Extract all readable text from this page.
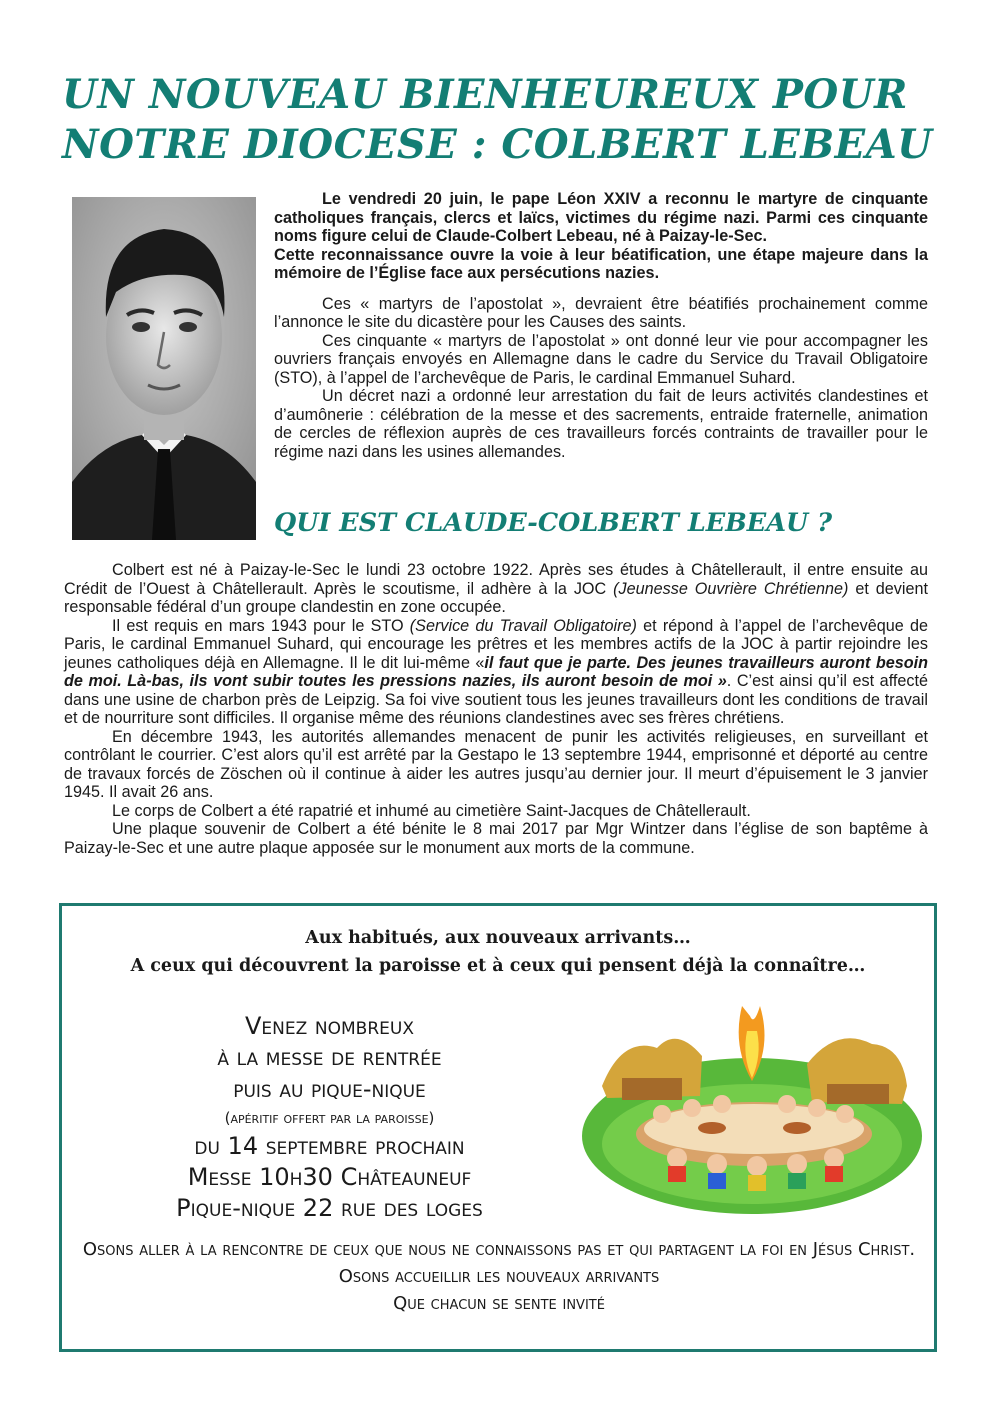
UN NOUVEAU BIENHEUREUX POUR
NOTRE DIOCESE : COLBERT LEBEAU

Le vendredi 20 juin, le pape Léon XXIV a reconnu le martyre de cinquante catholiques français, clercs et laïcs, victimes du régime nazi. Parmi ces cinquante noms figure celui de Claude-Colbert Lebeau, né à Paizay-le-Sec.
Cette reconnaissance ouvre la voie à leur béatification, une étape majeure dans la mémoire de l’Église face aux persécutions nazies.

Ces « martyrs de l’apostolat », devraient être béatifiés prochainement comme l’annonce le site du dicastère pour les Causes des saints.

Ces cinquante « martyrs de l’apostolat » ont donné leur vie pour accompagner les ouvriers français envoyés en Allemagne dans le cadre du Service du Travail Obligatoire (STO), à l’appel de l’archevêque de Paris, le cardinal Emmanuel Suhard.

Un décret nazi a ordonné leur arrestation du fait de leurs activités clandestines et d’aumônerie : célébration de la messe et des sacrements, entraide fraternelle, animation de cercles de réflexion auprès de ces travailleurs forcés contraints de travailler pour le régime nazi dans les usines allemandes.

QUI EST CLAUDE-COLBERT LEBEAU ?

Colbert est né à Paizay-le-Sec le lundi 23 octobre 1922. Après ses études à Châtellerault, il entre ensuite au Crédit de l’Ouest à Châtellerault. Après le scoutisme, il adhère à la JOC (Jeunesse Ouvrière Chrétienne) et devient responsable fédéral d’un groupe clandestin en zone occupée.

Il est requis en mars 1943 pour le STO (Service du Travail Obligatoire) et répond à l’appel de l’archevêque de Paris, le cardinal Emmanuel Suhard, qui encourage les prêtres et les membres actifs de la JOC à partir rejoindre les jeunes catholiques déjà en Allemagne. Il le dit lui-même «il faut que je parte. Des jeunes travailleurs auront besoin de moi. Là-bas, ils vont subir toutes les pressions nazies, ils auront besoin de moi ». C’est ainsi qu’il est affecté dans une usine de charbon près de Leipzig. Sa foi vive soutient tous les jeunes travailleurs dont les conditions de travail et de nourriture sont difficiles. Il organise même des réunions clandestines avec ses frères chrétiens.

En décembre 1943, les autorités allemandes menacent de punir les activités religieuses, en surveillant et contrôlant le courrier. C’est alors qu’il est arrêté par la Gestapo le 13 septembre 1944, emprisonné et déporté au centre de travaux forcés de Zöschen où il continue à aider les autres jusqu’au dernier jour. Il meurt d’épuisement le 3 janvier 1945. Il avait 26 ans.

Le corps de Colbert a été rapatrié et inhumé au cimetière Saint-Jacques de Châtellerault.

Une plaque souvenir de Colbert a été bénite le 8 mai 2017 par Mgr Wintzer dans l’église de son baptême à Paizay-le-Sec et une autre plaque apposée sur le monument aux morts de la commune.

Aux habitués, aux nouveaux arrivants…
A ceux qui découvrent la paroisse et à ceux qui pensent déjà la connaître…
Venez nombreux
à la messe de rentrée
puis au pique-nique
(apéritif offert par la paroisse)
du 14 septembre prochain
Messe 10h30 Châteauneuf
Pique-nique 22 rue des loges
Osons aller à la rencontre de ceux que nous ne connaissons pas et qui partagent la foi en Jésus Christ.
Osons accueillir les nouveaux arrivants
Que chacun se sente invité
